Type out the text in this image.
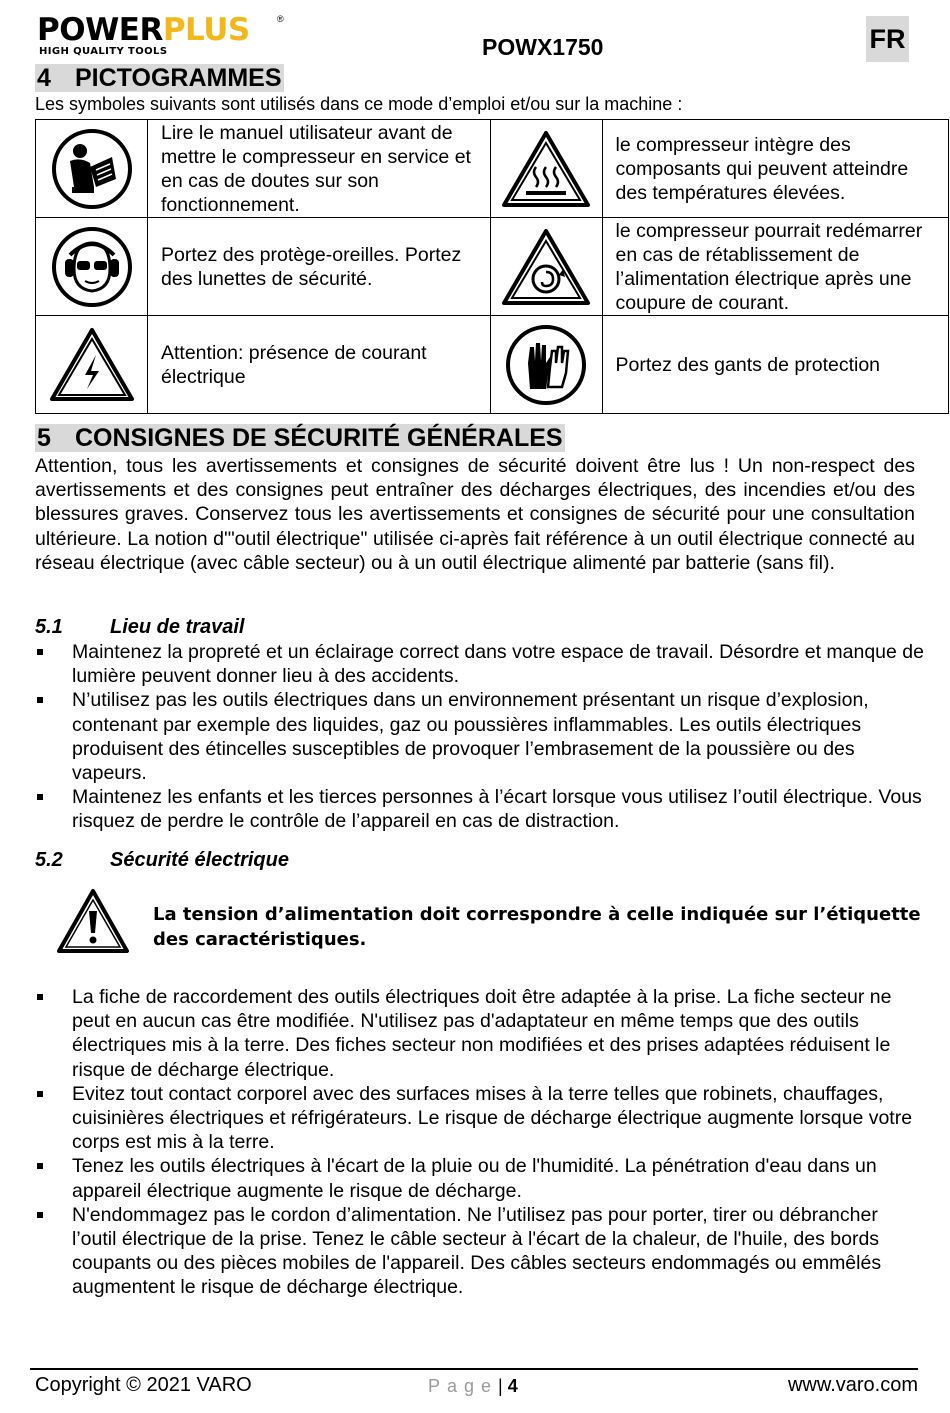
POWERPLUS	®
HIGH QUALITY TOOLS	POWX1750	FR
4 PICTOGRAMMES
Les symboles suivants sont utilisés dans ce mode d’emploi et/ou sur la machine :
	Lire le manuel utilisateur avant de mettre le compresseur en service et en cas de doutes sur son fonctionnement.		le compresseur intègre des composants qui peuvent atteindre des températures élevées.

	Portez des protège-oreilles. Portez des lunettes de sécurité.		le compresseur pourrait redémarrer en cas de rétablissement de l’alimentation électrique après une coupure de courant.

	Attention: présence de courant électrique		Portez des gants de protection
5 CONSIGNES DE SÉCURITÉ GÉNÉRALES
Attention, tous les avertissements et consignes de sécurité doivent être lus ! Un non-respect des avertissements et des consignes peut entraîner des décharges électriques, des incendies et/ou des blessures graves. Conservez tous les avertissements et consignes de sécurité pour une consultation ultérieure. La notion d'"outil électrique" utilisée ci-après fait référence à un outil électrique connecté au réseau électrique (avec câble secteur) ou à un outil électrique alimenté par batterie (sans fil).
5.1 Lieu de travail
Maintenez la propreté et un éclairage correct dans votre espace de travail. Désordre et manque de lumière peuvent donner lieu à des accidents.
N’utilisez pas les outils électriques dans un environnement présentant un risque d’explosion, contenant par exemple des liquides, gaz ou poussières inflammables. Les outils électriques produisent des étincelles susceptibles de provoquer l’embrasement de la poussière ou des vapeurs.
Maintenez les enfants et les tierces personnes à l’écart lorsque vous utilisez l’outil électrique. Vous risquez de perdre le contrôle de l’appareil en cas de distraction.
5.2 Sécurité électrique
La tension d’alimentation doit correspondre à celle indiquée sur l’étiquette des caractéristiques.
La fiche de raccordement des outils électriques doit être adaptée à la prise. La fiche secteur ne peut en aucun cas être modifiée. N'utilisez pas d'adaptateur en même temps que des outils électriques mis à la terre. Des fiches secteur non modifiées et des prises adaptées réduisent le risque de décharge électrique.
Evitez tout contact corporel avec des surfaces mises à la terre telles que robinets, chauffages, cuisinières électriques et réfrigérateurs. Le risque de décharge électrique augmente lorsque votre corps est mis à la terre.
Tenez les outils électriques à l'écart de la pluie ou de l'humidité. La pénétration d'eau dans un appareil électrique augmente le risque de décharge.
N'endommagez pas le cordon d’alimentation. Ne l’utilisez pas pour porter, tirer ou débrancher l’outil électrique de la prise. Tenez le câble secteur à l'écart de la chaleur, de l'huile, des bords coupants ou des pièces mobiles de l'appareil. Des câbles secteurs endommagés ou emmêlés augmentent le risque de décharge électrique.
Copyright © 2021 VARO	Page| 4	www.varo.com
